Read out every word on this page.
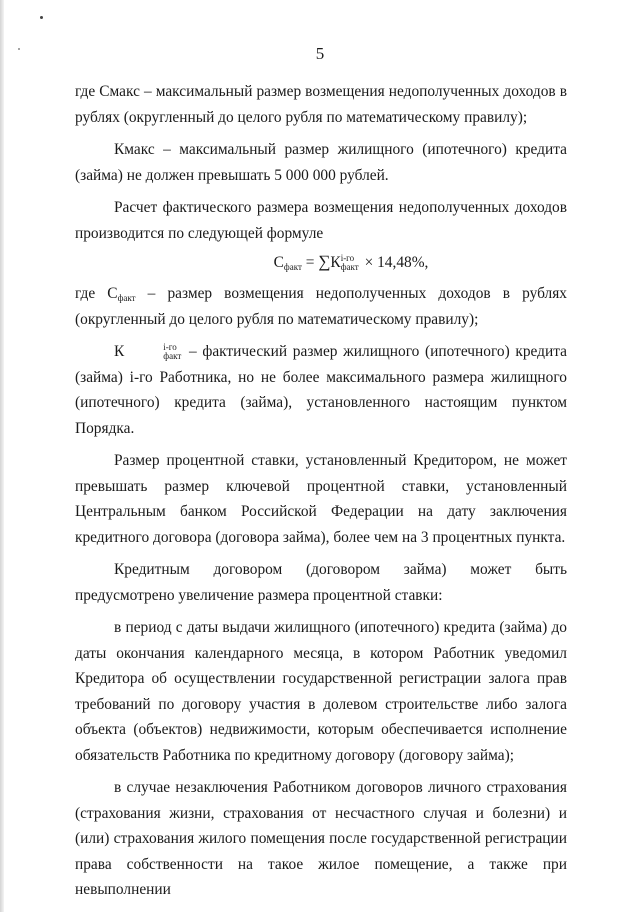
5

где Смакс – максимальный размер возмещения недополученных доходов в рублях (округленный до целого рубля по математическому правилу);

Кмакс – максимальный размер жилищного (ипотечного) кредита (займа) не должен превышать 5 000 000 рублей.

Расчет фактического размера возмещения недополученных доходов производится по следующей формуле

$С_{факт} = \sum К$ i-го
факт × 14,48%,

где $С_{факт}$ – размер возмещения недополученных доходов в рублях (округленный до целого рубля по математическому правилу);

К	i-го
факт – фактический размер жилищного (ипотечного) кредита (займа) i-го Работника, но не более максимального размера жилищного (ипотечного) кредита (займа), установленного настоящим пунктом Порядка.

Размер процентной ставки, установленный Кредитором, не может превышать размер ключевой процентной ставки, установленный Центральным банком Российской Федерации на дату заключения кредитного договора (договора займа), более чем на 3 процентных пункта.

Кредитным договором (договором займа) может быть предусмотрено увеличение размера процентной ставки:

в период с даты выдачи жилищного (ипотечного) кредита (займа) до даты окончания календарного месяца, в котором Работник уведомил Кредитора об осуществлении государственной регистрации залога прав требований по договору участия в долевом строительстве либо залога объекта (объектов) недвижимости, которым обеспечивается исполнение обязательств Работника по кредитному договору (договору займа);

в случае незаключения Работником договоров личного страхования (страхования жизни, страхования от несчастного случая и болезни) и (или) страхования жилого помещения после государственной регистрации права собственности на такое жилое помещение, а также при невыполнении
